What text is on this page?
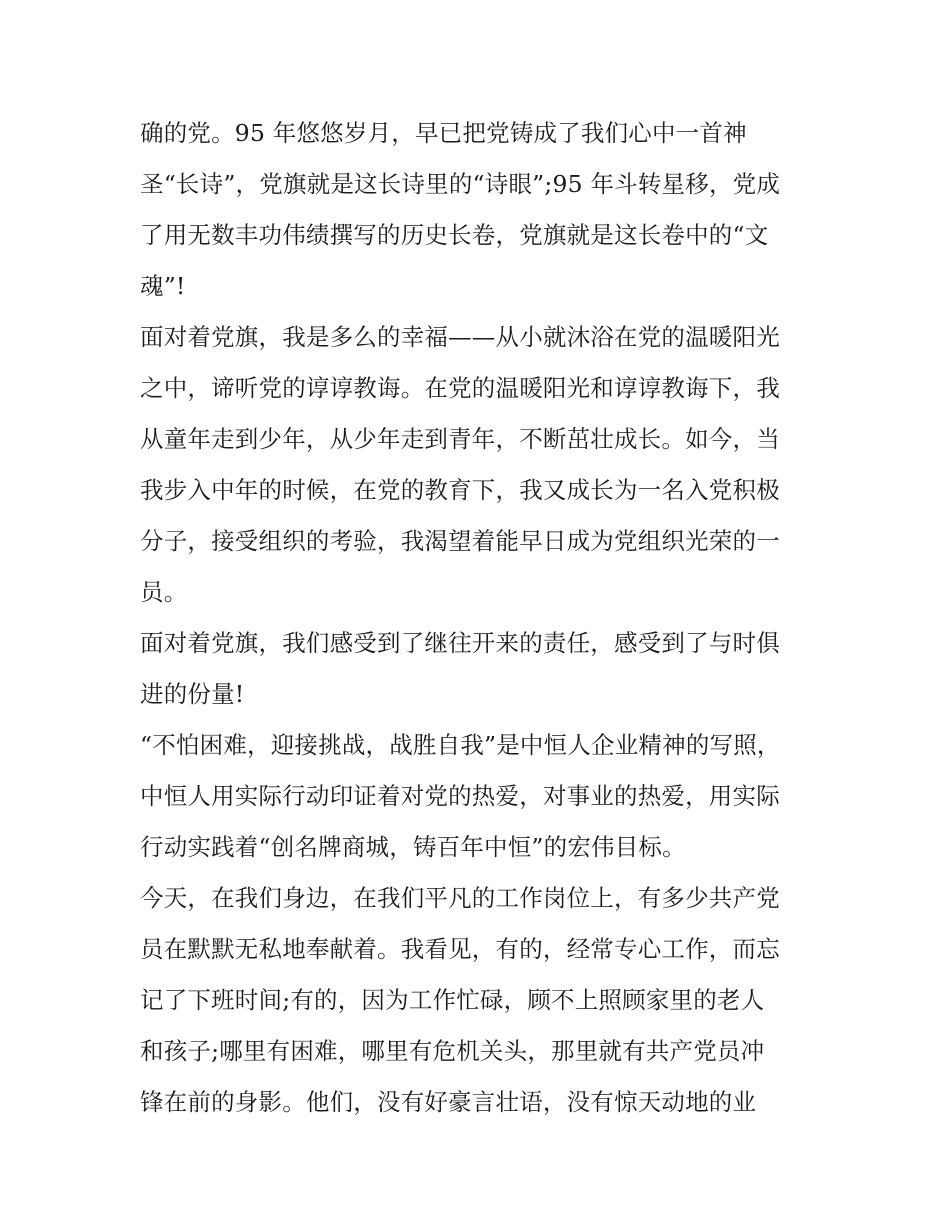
确的党。95 年悠悠岁月，早已把党铸成了我们心中一首神
圣“长诗”，党旗就是这长诗里的“诗眼”;95 年斗转星移，党成
了用无数丰功伟绩撰写的历史长卷，党旗就是这长卷中的“文
魂”!
面对着党旗，我是多么的幸福——从小就沐浴在党的温暖阳光
之中，谛听党的谆谆教诲。在党的温暖阳光和谆谆教诲下，我
从童年走到少年，从少年走到青年，不断茁壮成长。如今，当
我步入中年的时候，在党的教育下，我又成长为一名入党积极
分子，接受组织的考验，我渴望着能早日成为党组织光荣的一
员。
面对着党旗，我们感受到了继往开来的责任，感受到了与时俱
进的份量!
“不怕困难，迎接挑战，战胜自我”是中恒人企业精神的写照，
中恒人用实际行动印证着对党的热爱，对事业的热爱，用实际
行动实践着“创名牌商城，铸百年中恒”的宏伟目标。
今天，在我们身边，在我们平凡的工作岗位上，有多少共产党
员在默默无私地奉献着。我看见，有的，经常专心工作，而忘
记了下班时间;有的，因为工作忙碌，顾不上照顾家里的老人
和孩子;哪里有困难，哪里有危机关头，那里就有共产党员冲
锋在前的身影。他们，没有好豪言壮语，没有惊天动地的业
